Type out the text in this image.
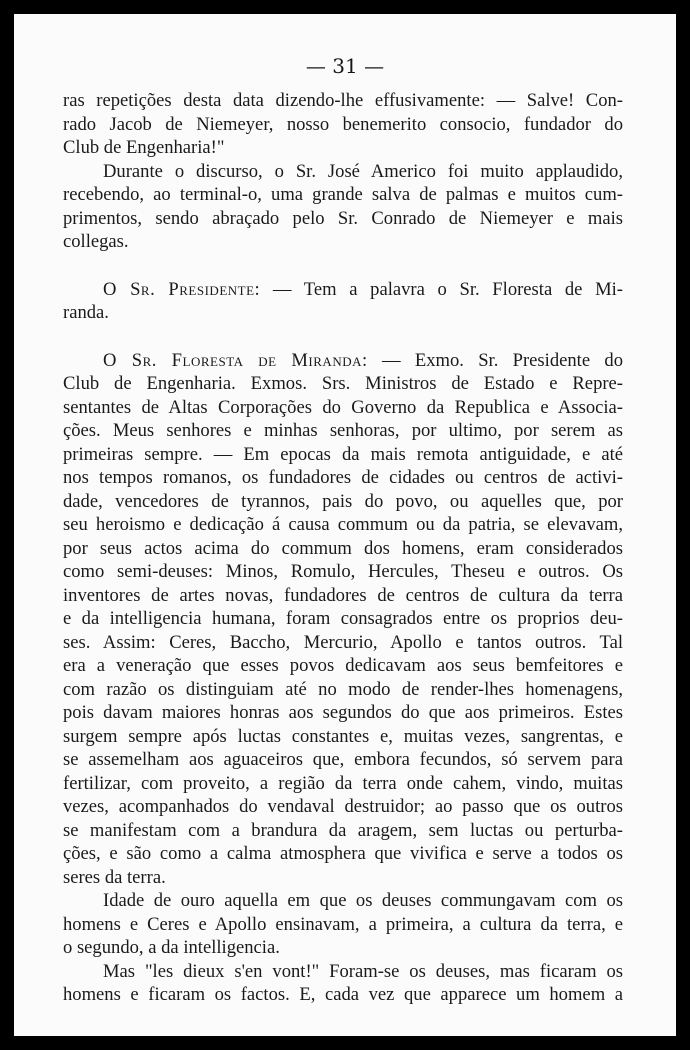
— 31 —
ras repetições desta data dizendo-lhe effusivamente: — Salve! Con-
rado Jacob de Niemeyer, nosso benemerito consocio, fundador do
Club de Engenharia!"
Durante o discurso, o Sr. José Americo foi muito applaudido,
recebendo, ao terminal-o, uma grande salva de palmas e muitos cum-
primentos, sendo abraçado pelo Sr. Conrado de Niemeyer e mais
collegas.
O Sr. Presidente: — Tem a palavra o Sr. Floresta de Mi-
randa.
O Sr. Floresta de Miranda: — Exmo. Sr. Presidente do
Club de Engenharia. Exmos. Srs. Ministros de Estado e Repre-
sentantes de Altas Corporações do Governo da Republica e Associa-
ções. Meus senhores e minhas senhoras, por ultimo, por serem as
primeiras sempre. — Em epocas da mais remota antiguidade, e até
nos tempos romanos, os fundadores de cidades ou centros de activi-
dade, vencedores de tyrannos, pais do povo, ou aquelles que, por
seu heroismo e dedicação á causa commum ou da patria, se elevavam,
por seus actos acima do commum dos homens, eram considerados
como semi-deuses: Minos, Romulo, Hercules, Theseu e outros. Os
inventores de artes novas, fundadores de centros de cultura da terra
e da intelligencia humana, foram consagrados entre os proprios deu-
ses. Assim: Ceres, Baccho, Mercurio, Apollo e tantos outros. Tal
era a veneração que esses povos dedicavam aos seus bemfeitores e
com razão os distinguiam até no modo de render-lhes homenagens,
pois davam maiores honras aos segundos do que aos primeiros. Estes
surgem sempre após luctas constantes e, muitas vezes, sangrentas, e
se assemelham aos aguaceiros que, embora fecundos, só servem para
fertilizar, com proveito, a região da terra onde cahem, vindo, muitas
vezes, acompanhados do vendaval destruidor; ao passo que os outros
se manifestam com a brandura da aragem, sem luctas ou perturba-
ções, e são como a calma atmosphera que vivifica e serve a todos os
seres da terra.
Idade de ouro aquella em que os deuses commungavam com os
homens e Ceres e Apollo ensinavam, a primeira, a cultura da terra, e
o segundo, a da intelligencia.
Mas "les dieux s'en vont!" Foram-se os deuses, mas ficaram os
homens e ficaram os factos. E, cada vez que apparece um homem a
